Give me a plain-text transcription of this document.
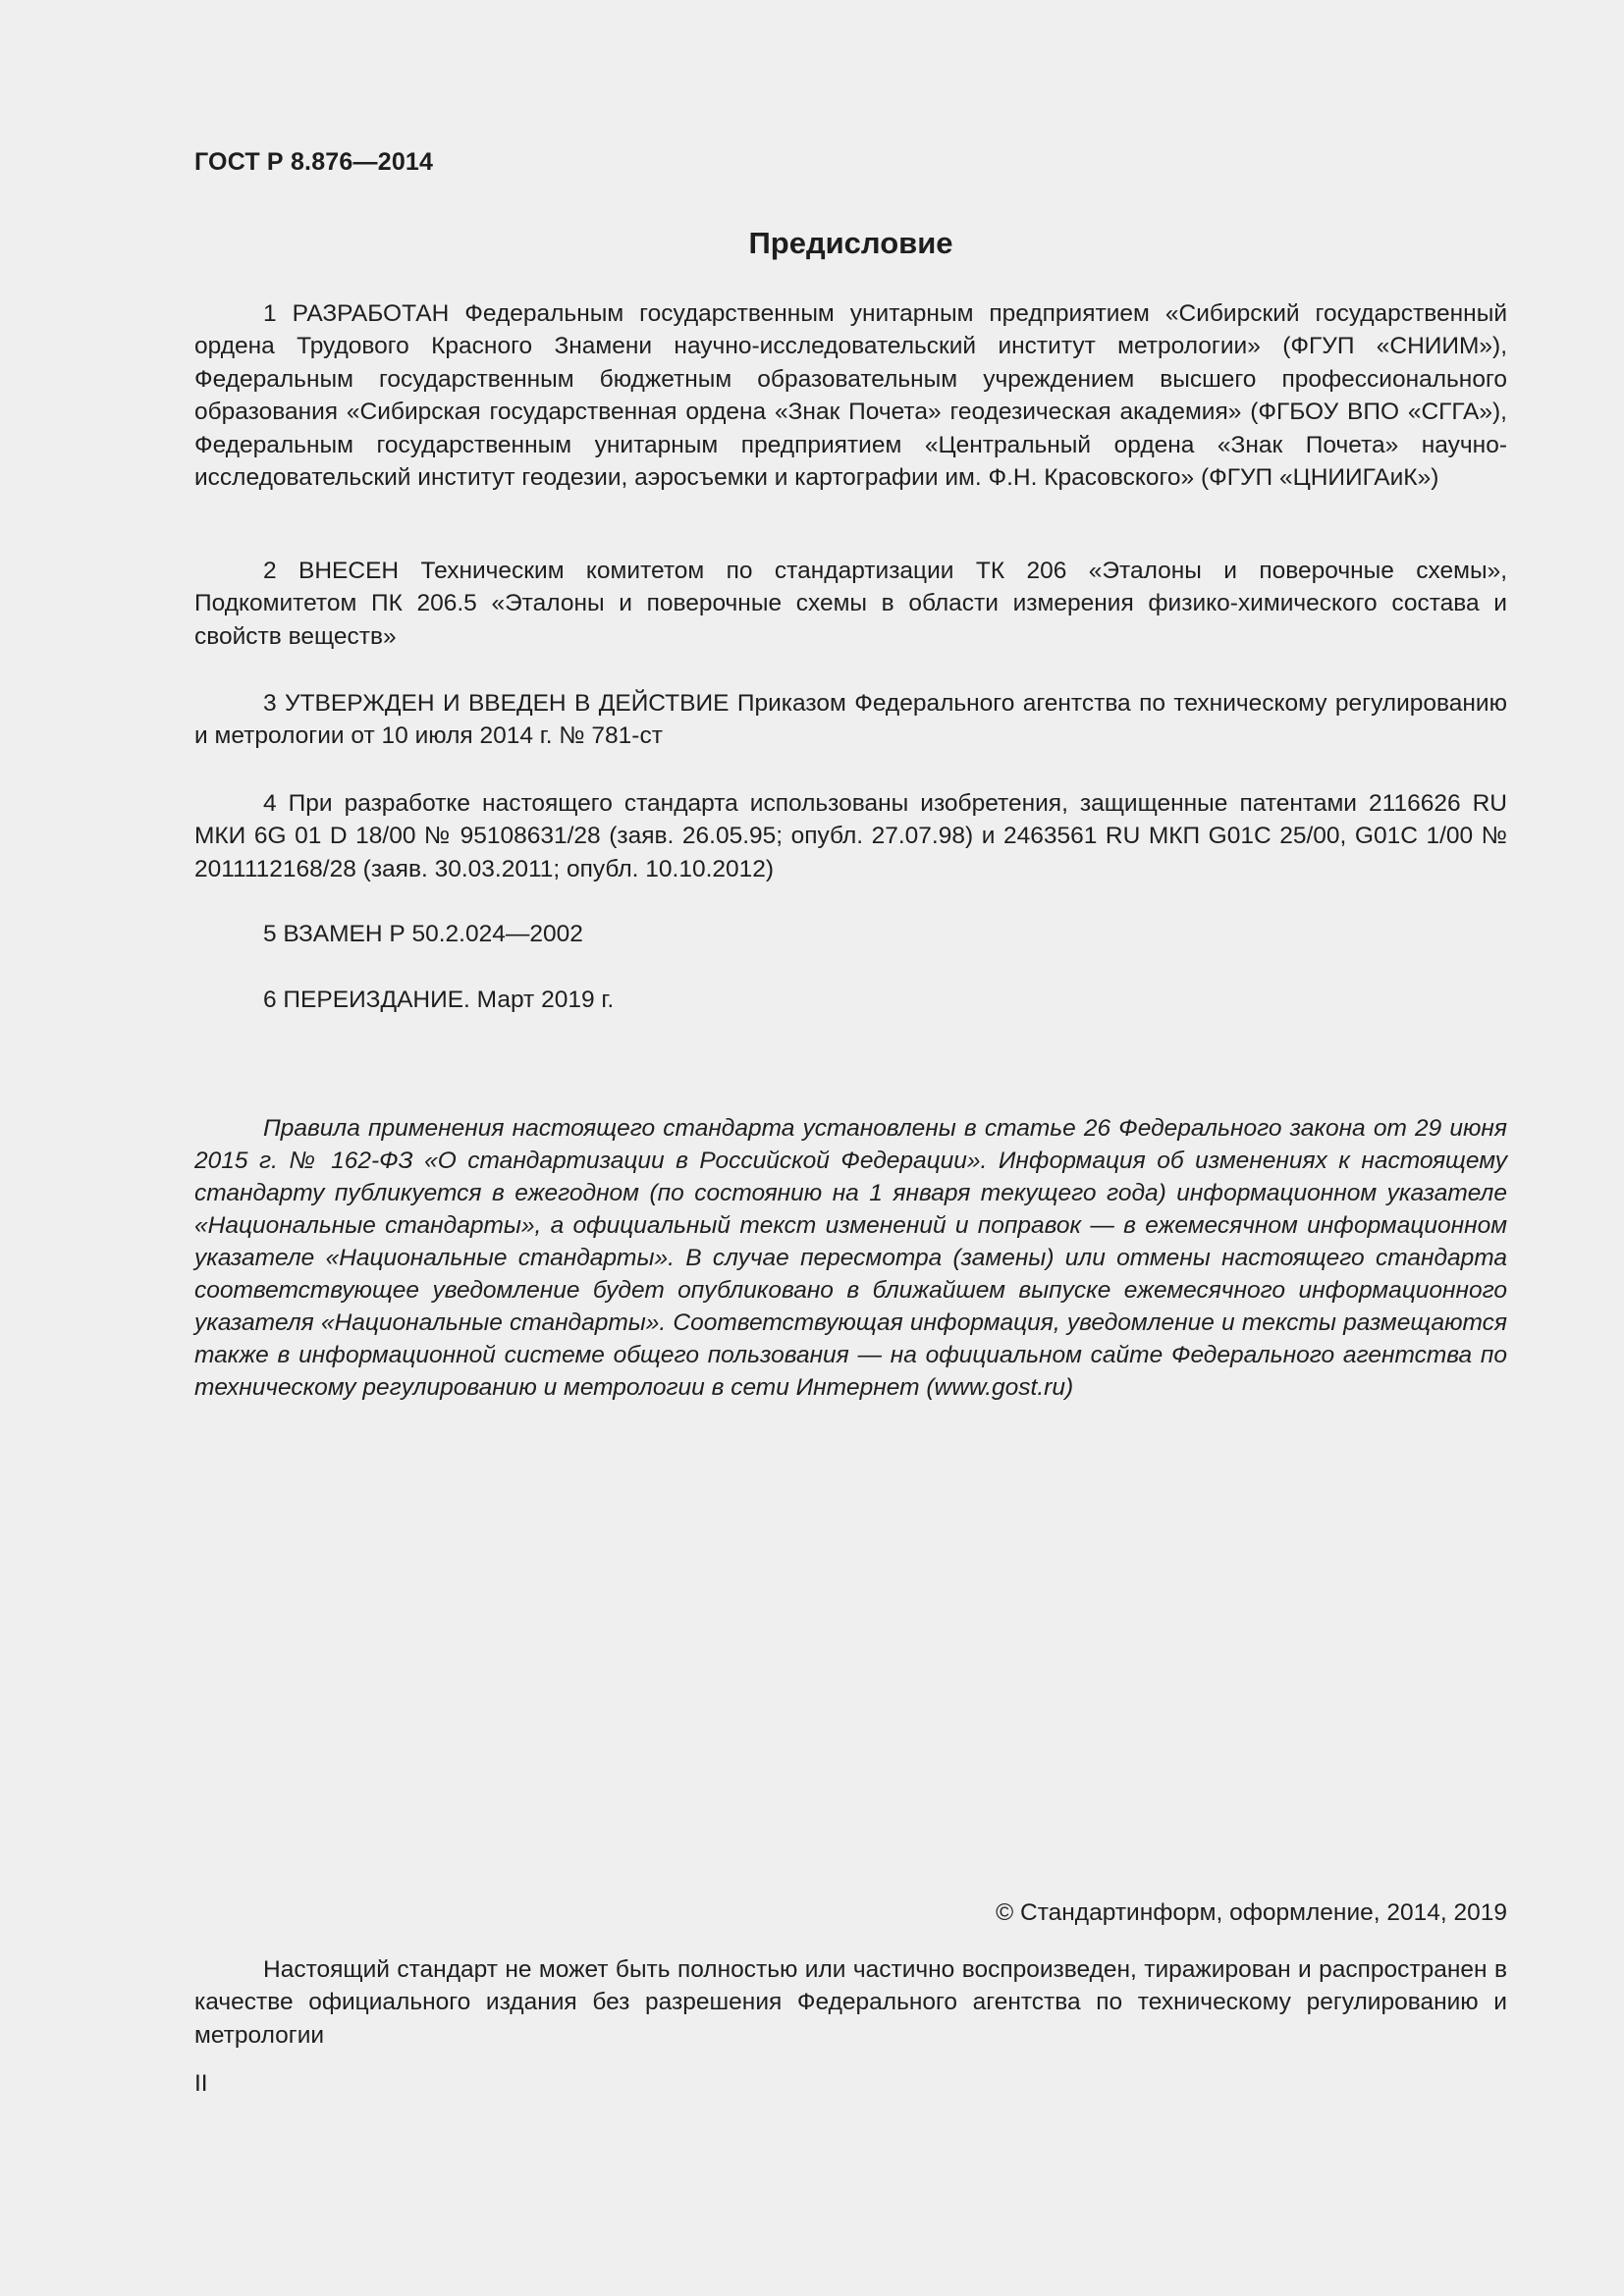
ГОСТ Р 8.876—2014
Предисловие

1 РАЗРАБОТАН Федеральным государственным унитарным предприятием «Сибирский государственный ордена Трудового Красного Знамени научно-исследовательский институт метрологии» (ФГУП «СНИИМ»), Федеральным государственным бюджетным образовательным учреждением высшего профессионального образования «Сибирская государственная ордена «Знак Почета» геодезическая академия» (ФГБОУ ВПО «СГГА»), Федеральным государственным унитарным предприятием «Центральный ордена «Знак Почета» научно-исследовательский институт геодезии, аэросъемки и картографии им. Ф.Н. Красовского» (ФГУП «ЦНИИГАиК»)

2 ВНЕСЕН Техническим комитетом по стандартизации ТК 206 «Эталоны и поверочные схемы», Подкомитетом ПК 206.5 «Эталоны и поверочные схемы в области измерения физико-химического состава и свойств веществ»

3 УТВЕРЖДЕН И ВВЕДЕН В ДЕЙСТВИЕ Приказом Федерального агентства по техническому регулированию и метрологии от 10 июля 2014 г. № 781-ст

4 При разработке настоящего стандарта использованы изобретения, защищенные патентами 2116626 RU МКИ 6G 01 D 18/00 № 95108631/28 (заяв. 26.05.95; опубл. 27.07.98) и 2463561 RU МКП G01C 25/00, G01C 1/00 № 2011112168/28 (заяв. 30.03.2011; опубл. 10.10.2012)

5 ВЗАМЕН Р 50.2.024—2002

6 ПЕРЕИЗДАНИЕ. Март 2019 г.

Правила применения настоящего стандарта установлены в статье 26 Федерального закона от 29 июня 2015 г. № 162-ФЗ «О стандартизации в Российской Федерации». Информация об изменениях к настоящему стандарту публикуется в ежегодном (по состоянию на 1 января текущего года) информационном указателе «Национальные стандарты», а официальный текст изменений и поправок — в ежемесячном информационном указателе «Национальные стандарты». В случае пересмотра (замены) или отмены настоящего стандарта соответствующее уведомление будет опубликовано в ближайшем выпуске ежемесячного информационного указателя «Национальные стандарты». Соответствующая информация, уведомление и тексты размещаются также в информационной системе общего пользования — на официальном сайте Федерального агентства по техническому регулированию и метрологии в сети Интернет (www.gost.ru)

© Стандартинформ, оформление, 2014, 2019

Настоящий стандарт не может быть полностью или частично воспроизведен, тиражирован и распространен в качестве официального издания без разрешения Федерального агентства по техническому регулированию и метрологии

II
